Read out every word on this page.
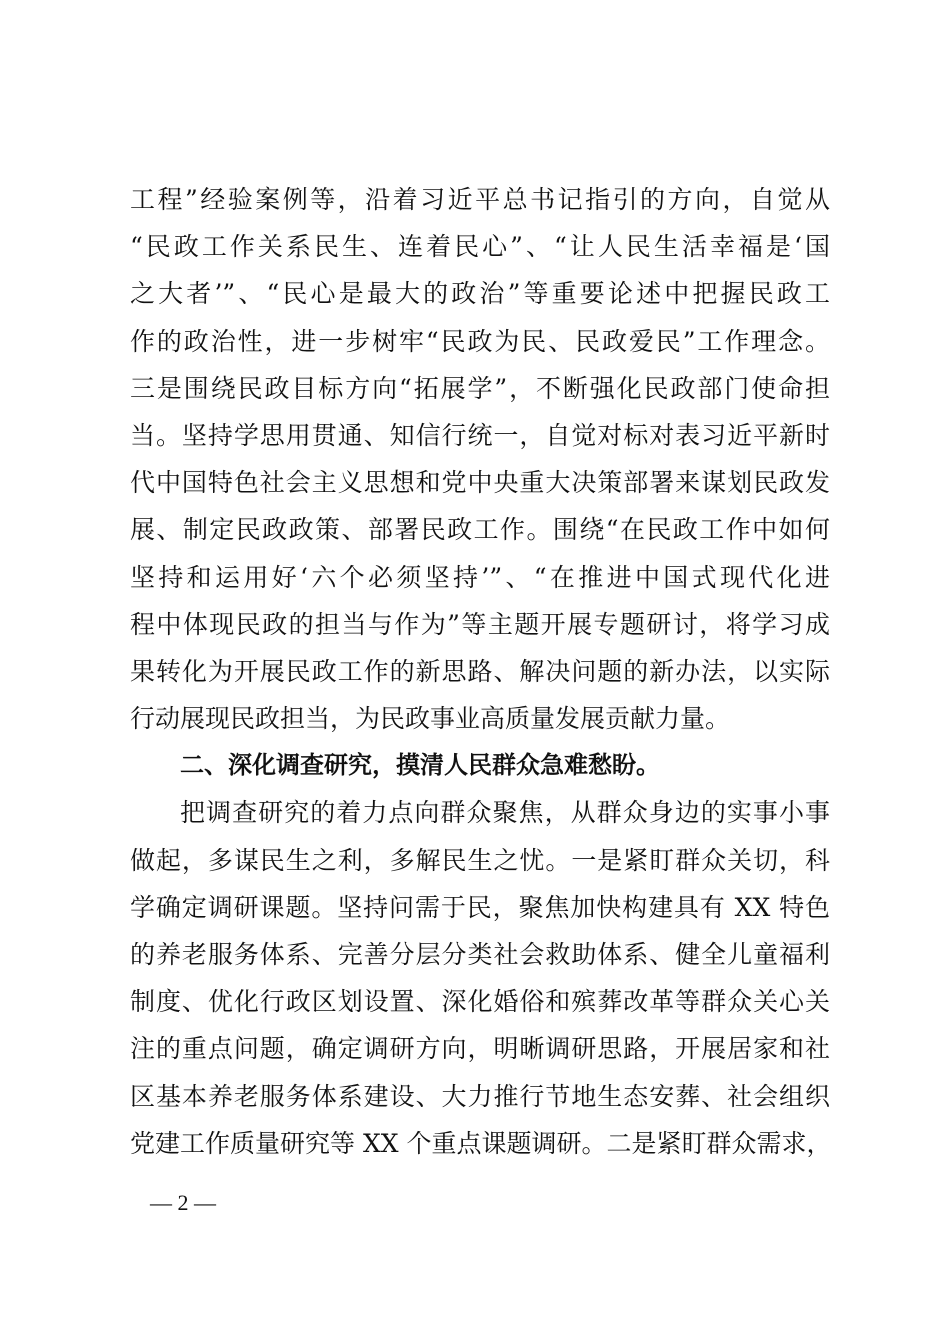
工程”经验案例等，沿着习近平总书记指引的方向，自觉从
“民政工作关系民生、连着民心”、“让人民生活幸福是‘国
之大者’”、“民心是最大的政治”等重要论述中把握民政工
作的政治性，进一步树牢“民政为民、民政爱民”工作理念。
三是围绕民政目标方向“拓展学”，不断强化民政部门使命担
当。坚持学思用贯通、知信行统一，自觉对标对表习近平新时
代中国特色社会主义思想和党中央重大决策部署来谋划民政发
展、制定民政政策、部署民政工作。围绕“在民政工作中如何
坚持和运用好‘六个必须坚持’”、“在推进中国式现代化进
程中体现民政的担当与作为”等主题开展专题研讨，将学习成
果转化为开展民政工作的新思路、解决问题的新办法，以实际
行动展现民政担当，为民政事业高质量发展贡献力量。
二、深化调查研究，摸清人民群众急难愁盼。
把调查研究的着力点向群众聚焦，从群众身边的实事小事
做起，多谋民生之利，多解民生之忧。一是紧盯群众关切，科
学确定调研课题。坚持问需于民，聚焦加快构建具有 XX 特色
的养老服务体系、完善分层分类社会救助体系、健全儿童福利
制度、优化行政区划设置、深化婚俗和殡葬改革等群众关心关
注的重点问题，确定调研方向，明晰调研思路，开展居家和社
区基本养老服务体系建设、大力推行节地生态安葬、社会组织
党建工作质量研究等 XX 个重点课题调研。二是紧盯群众需求，
— 2 —
